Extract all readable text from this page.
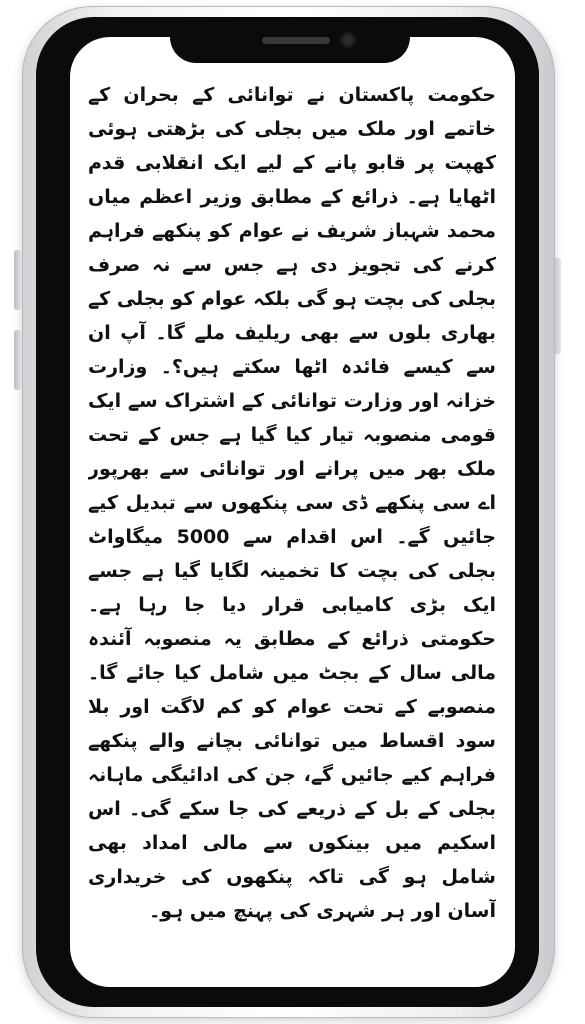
حکومت پاکستان نے توانائی کے بحران کے خاتمے اور ملک میں بجلی کی بڑھتی ہوئی کھپت پر قابو پانے کے لیے ایک انقلابی قدم اٹھایا ہے۔ ذرائع کے مطابق وزیر اعظم میاں محمد شہباز شریف نے عوام کو پنکھے فراہم کرنے کی تجویز دی ہے جس سے نہ صرف بجلی کی بچت ہو گی بلکہ عوام کو بجلی کے بھاری بلوں سے بھی ریلیف ملے گا۔ آپ ان سے کیسے فائدہ اٹھا سکتے ہیں؟۔ وزارت خزانہ اور وزارت توانائی کے اشتراک سے ایک قومی منصوبہ تیار کیا گیا ہے جس کے تحت ملک بھر میں پرانے اور توانائی سے بھرپور اے سی پنکھے ڈی سی پنکھوں سے تبدیل کیے جائیں گے۔ اس اقدام سے 5000 میگاواٹ بجلی کی بچت کا تخمینہ لگایا گیا ہے جسے ایک بڑی کامیابی قرار دیا جا رہا ہے۔ حکومتی ذرائع کے مطابق یہ منصوبہ آئندہ مالی سال کے بجٹ میں شامل کیا جائے گا۔ منصوبے کے تحت عوام کو کم لاگت اور بلا سود اقساط میں توانائی بچانے والے پنکھے فراہم کیے جائیں گے، جن کی ادائیگی ماہانہ بجلی کے بل کے ذریعے کی جا سکے گی۔ اس اسکیم میں بینکوں سے مالی امداد بھی شامل ہو گی تاکہ پنکھوں کی خریداری آسان اور ہر شہری کی پہنچ میں ہو۔
